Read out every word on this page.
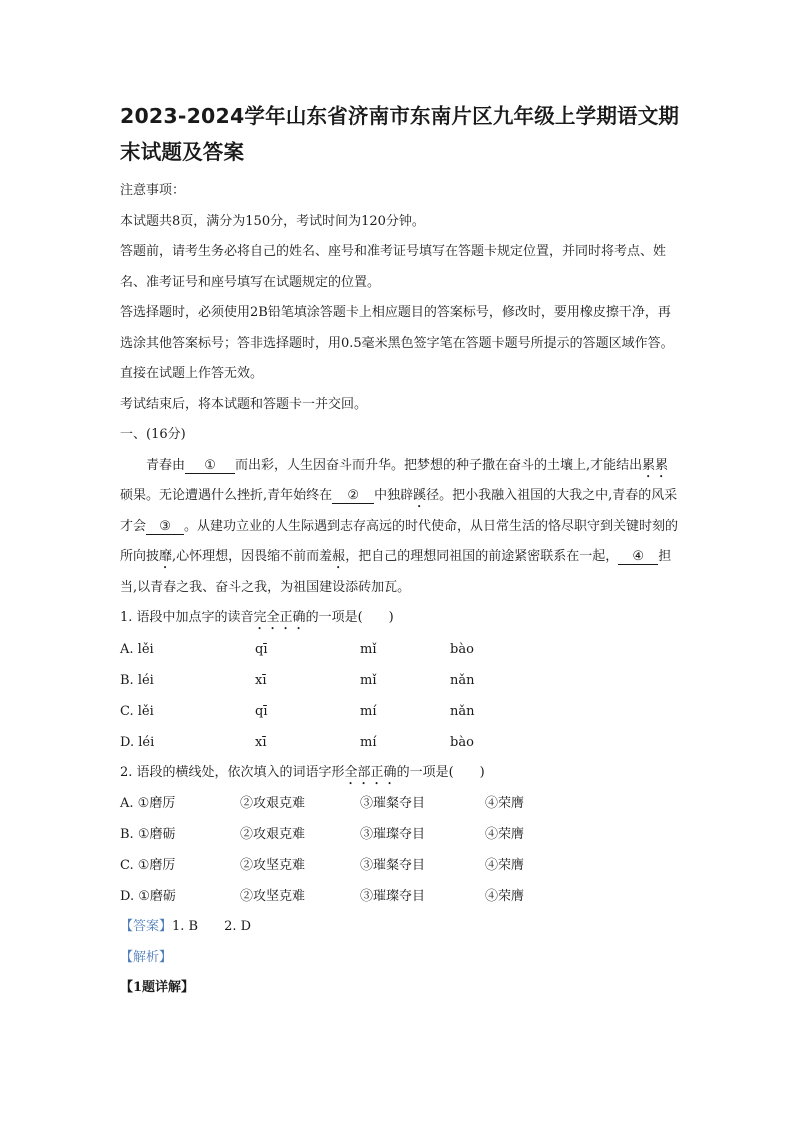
2023-2024学年山东省济南市东南片区九年级上学期语文期末试题及答案

注意事项：

本试题共8页，满分为150分，考试时间为120分钟。

答题前，请考生务必将自己的姓名、座号和准考证号填写在答题卡规定位置，并同时将考点、姓名、准考证号和座号填写在试题规定的位置。

答选择题时，必须使用2B铅笔填涂答题卡上相应题目的答案标号，修改时，要用橡皮擦干净，再选涂其他答案标号；答非选择题时，用0.5毫米黑色签字笔在答题卡题号所提示的答题区域作答。直接在试题上作答无效。

考试结束后，将本试题和答题卡一并交回。

一、(16分)

青春由 ① 而出彩，人生因奋斗而升华。把梦想的种子撒在奋斗的土壤上,才能结出累累硕果。无论遭遇什么挫折,青年始终在 ② 中独辟蹊径。把小我融入祖国的大我之中,青春的风采才会 ③ 。从建功立业的人生际遇到志存高远的时代使命，从日常生活的恪尽职守到关键时刻的所向披靡,心怀理想，因畏缩不前而羞赧，把自己的理想同祖国的前途紧密联系在一起， ④ 担当,以青春之我、奋斗之我，为祖国建设添砖加瓦。

1. 语段中加点字的读音完全正确的一项是(　　)

A. lěi	qī	mǐ	bào
B. léi	xī	mǐ	nǎn
C. lěi	qī	mí	nǎn
D. léi	xī	mí	bào

2. 语段的横线处，依次填入的词语字形全部正确的一项是(　　)

A. ①磨厉	②攻艰克难	③璀粲夺目	④荣膺
B. ①磨砺	②攻艰克难	③璀璨夺目	④荣膺
C. ①磨厉	②攻坚克难	③璀粲夺目	④荣膺
D. ①磨砺	②攻坚克难	③璀璨夺目	④荣膺

【答案】1. B　　2. D

【解析】

【1题详解】
